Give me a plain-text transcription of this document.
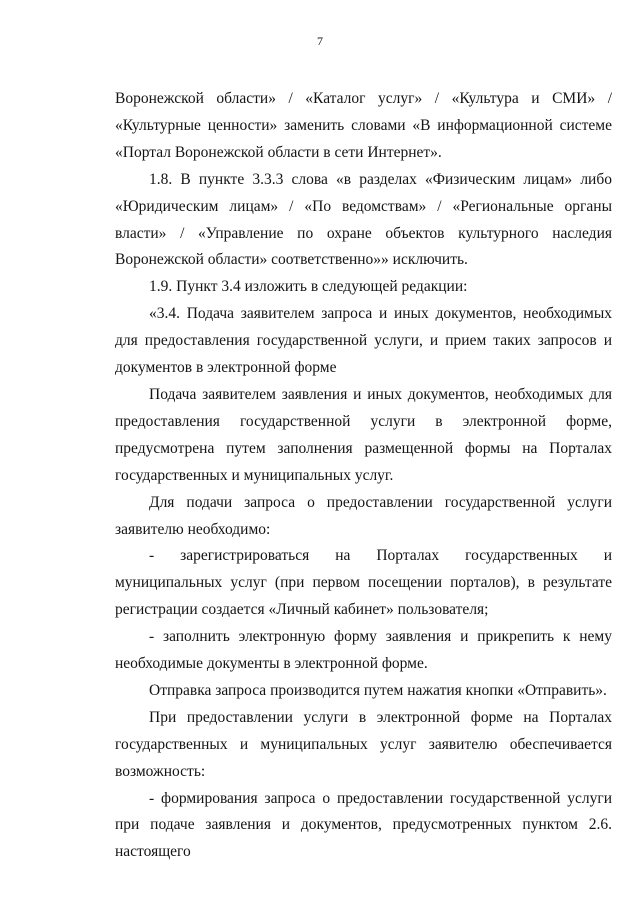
7

Воронежской области» / «Каталог услуг» / «Культура и СМИ» / «Культурные ценности» заменить словами «В информационной системе «Портал Воронежской области в сети Интернет».

1.8. В пункте 3.3.3 слова «в разделах «Физическим лицам» либо «Юридическим лицам» / «По ведомствам» / «Региональные органы власти» / «Управление по охране объектов культурного наследия Воронежской области» соответственно»» исключить.

1.9. Пункт 3.4 изложить в следующей редакции:

«3.4. Подача заявителем запроса и иных документов, необходимых для предоставления государственной услуги, и прием таких запросов и документов в электронной форме

Подача заявителем заявления и иных документов, необходимых для предоставления государственной услуги в электронной форме, предусмотрена путем заполнения размещенной формы на Порталах государственных и муниципальных услуг.

Для подачи запроса о предоставлении государственной услуги заявителю необходимо:

- зарегистрироваться на Порталах государственных и муниципальных услуг (при первом посещении порталов), в результате регистрации создается «Личный кабинет» пользователя;

- заполнить электронную форму заявления и прикрепить к нему необходимые документы в электронной форме.

Отправка запроса производится путем нажатия кнопки «Отправить».

При предоставлении услуги в электронной форме на Порталах государственных и муниципальных услуг заявителю обеспечивается возможность:

- формирования запроса о предоставлении государственной услуги при подаче заявления и документов, предусмотренных пунктом 2.6. настоящего
